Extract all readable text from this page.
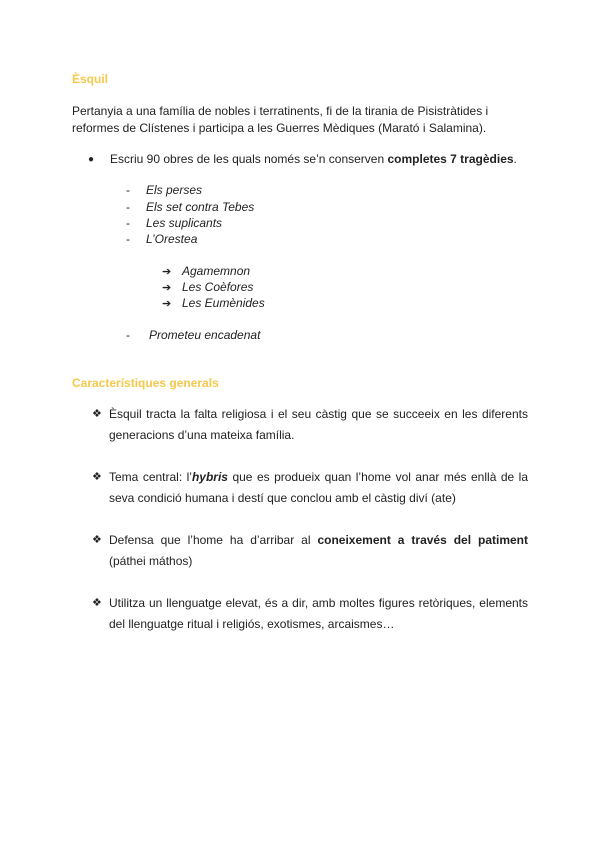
Èsquil
Pertanyia a una família de nobles i terratinents, fi de la tirania de Pisistràtides i reformes de Clístenes i participa a les Guerres Mèdiques (Marató i Salamina).
● Escriu 90 obres de les quals només se’n conserven completes 7 tragèdies.
- Els perses
- Els set contra Tebes
- Les suplicants
- L’Orestea
➔ Agamemnon
➔ Les Coèfores
➔ Les Eumènides
- Prometeu encadenat
Característiques generals
❖ Èsquil tracta la falta religiosa i el seu càstig que se succeeix en les diferents generacions d’una mateixa família.
❖ Tema central: l’hybris que es produeix quan l’home vol anar més enllà de la seva condició humana i destí que conclou amb el càstig diví (ate)
❖ Defensa que l’home ha d’arribar al coneixement a través del patiment (páthei máthos)
❖ Utilitza un llenguatge elevat, és a dir, amb moltes figures retòriques, elements del llenguatge ritual i religiós, exotismes, arcaismes…
